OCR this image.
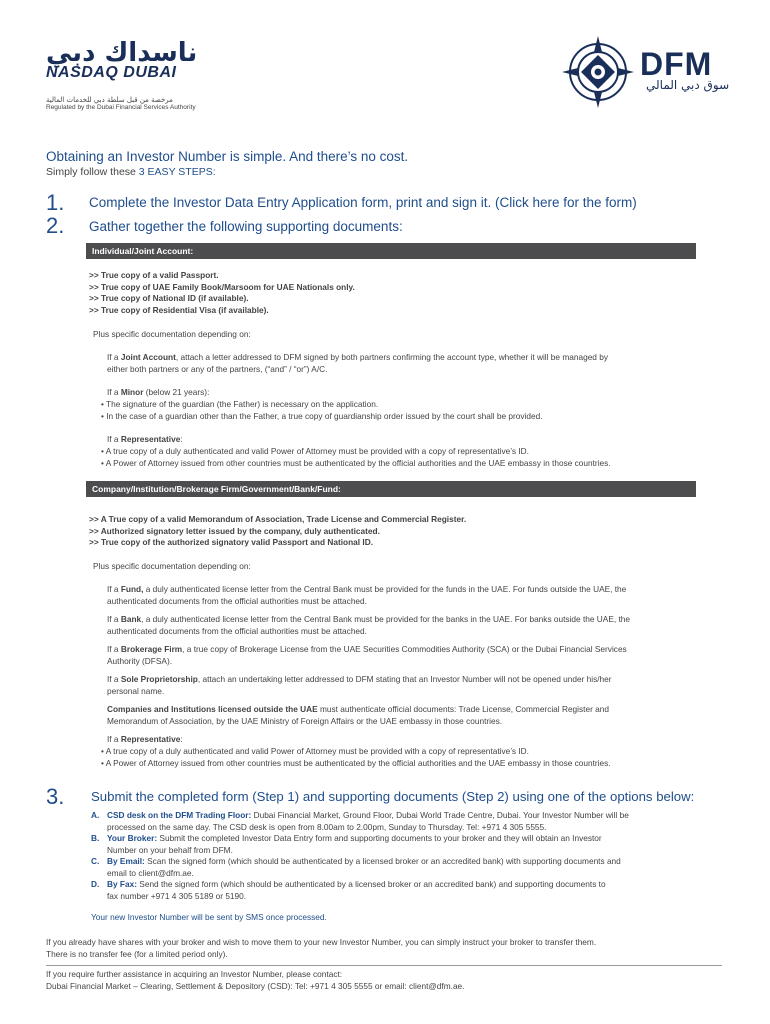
ناسداك دبي
NASDAQ DUBAI
مرخصة من قبل سلطة دبي للخدمات المالية
Regulated by the Dubai Financial Services Authority
DFM
سوق دبي المالي
Obtaining an Investor Number is simple. And there’s no cost.
Simply follow these 3 EASY STEPS:
1. Complete the Investor Data Entry Application form, print and sign it. (Click here for the form)
2. Gather together the following supporting documents:
Individual/Joint Account:
>> True copy of a valid Passport.
>> True copy of UAE Family Book/Marsoom for UAE Nationals only.
>> True copy of National ID (if available).
>> True copy of Residential Visa (if available).
Plus specific documentation depending on:
If a Joint Account, attach a letter addressed to DFM signed by both partners confirming the account type, whether it will be managed by
either both partners or any of the partners, (“and” / “or”) A/C.
If a Minor (below 21 years):
• The signature of the guardian (the Father) is necessary on the application.
• In the case of a guardian other than the Father, a true copy of guardianship order issued by the court shall be provided.
If a Representative:
• A true copy of a duly authenticated and valid Power of Attorney must be provided with a copy of representative’s ID.
• A Power of Attorney issued from other countries must be authenticated by the official authorities and the UAE embassy in those countries.
Company/Institution/Brokerage Firm/Government/Bank/Fund:
>> A True copy of a valid Memorandum of Association, Trade License and Commercial Register.
>> Authorized signatory letter issued by the company, duly authenticated.
>> True copy of the authorized signatory valid Passport and National ID.
Plus specific documentation depending on:
If a Fund, a duly authenticated license letter from the Central Bank must be provided for the funds in the UAE. For funds outside the UAE, the
authenticated documents from the official authorities must be attached.
If a Bank, a duly authenticated license letter from the Central Bank must be provided for the banks in the UAE. For banks outside the UAE, the
authenticated documents from the official authorities must be attached.
If a Brokerage Firm, a true copy of Brokerage License from the UAE Securities Commodities Authority (SCA) or the Dubai Financial Services
Authority (DFSA).
If a Sole Proprietorship, attach an undertaking letter addressed to DFM stating that an Investor Number will not be opened under his/her
personal name.
Companies and Institutions licensed outside the UAE must authenticate official documents: Trade License, Commercial Register and
Memorandum of Association, by the UAE Ministry of Foreign Affairs or the UAE embassy in those countries.
If a Representative:
• A true copy of a duly authenticated and valid Power of Attorney must be provided with a copy of representative’s ID.
• A Power of Attorney issued from other countries must be authenticated by the official authorities and the UAE embassy in those countries.
3. Submit the completed form (Step 1) and supporting documents (Step 2) using one of the options below:
A. CSD desk on the DFM Trading Floor: Dubai Financial Market, Ground Floor, Dubai World Trade Centre, Dubai. Your Investor Number will be
processed on the same day. The CSD desk is open from 8.00am to 2.00pm, Sunday to Thursday. Tel: +971 4 305 5555.
B. Your Broker: Submit the completed Investor Data Entry form and supporting documents to your broker and they will obtain an Investor
Number on your behalf from DFM.
C. By Email: Scan the signed form (which should be authenticated by a licensed broker or an accredited bank) with supporting documents and
email to client@dfm.ae.
D. By Fax: Send the signed form (which should be authenticated by a licensed broker or an accredited bank) and supporting documents to
fax number +971 4 305 5189 or 5190.
Your new Investor Number will be sent by SMS once processed.
If you already have shares with your broker and wish to move them to your new Investor Number, you can simply instruct your broker to transfer them.
There is no transfer fee (for a limited period only).
If you require further assistance in acquiring an Investor Number, please contact:
Dubai Financial Market – Clearing, Settlement & Depository (CSD): Tel: +971 4 305 5555 or email: client@dfm.ae.
